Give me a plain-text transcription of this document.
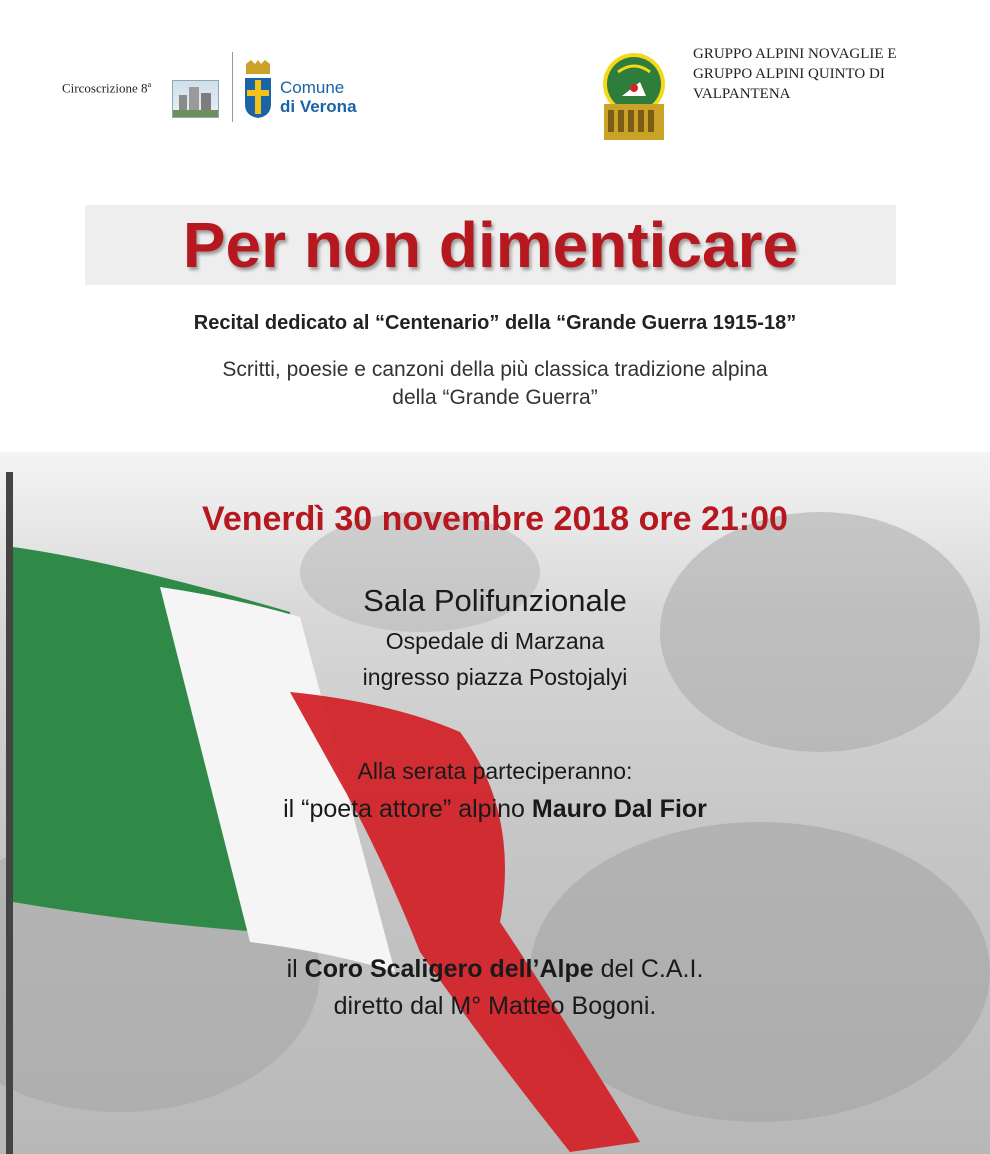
Circoscrizione 8$^a$	Comune
di Verona
GRUPPO ALPINI NOVAGLIE E
GRUPPO ALPINI QUINTO DI
VALPANTENA
Per non dimenticare
Recital dedicato al “Centenario” della “Grande Guerra 1915-18”
Scritti, poesie e canzoni della più classica tradizione alpina
della “Grande Guerra”
Venerdì 30 novembre 2018 ore 21:00
Sala Polifunzionale
Ospedale di Marzana
ingresso piazza Postojalyi
Alla serata parteciperanno:
il “poeta attore” alpino Mauro Dal Fior
il Coro Scaligero dell’Alpe del C.A.I.
diretto dal M° Matteo Bogoni.
